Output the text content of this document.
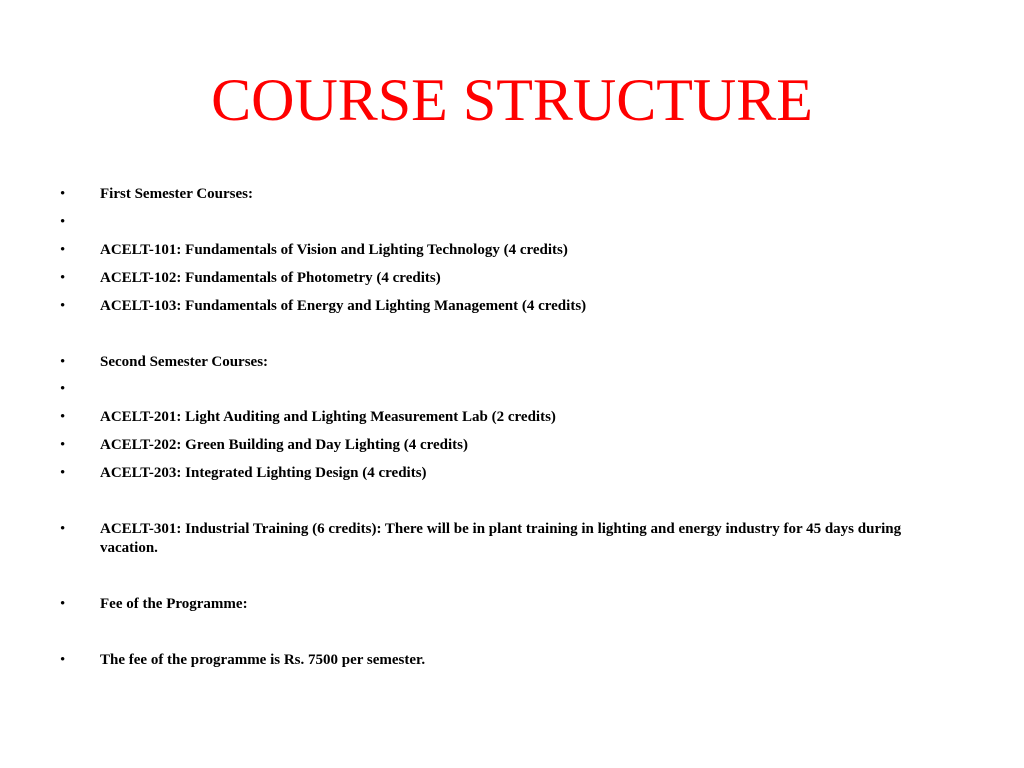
COURSE STRUCTURE
•	First Semester Courses:
•
•	ACELT-101: Fundamentals of Vision and Lighting Technology (4 credits)
•	ACELT-102: Fundamentals of Photometry (4 credits)
•	ACELT-103: Fundamentals of Energy and Lighting Management (4 credits)
•	Second Semester Courses:
•
•	ACELT-201: Light Auditing and Lighting Measurement Lab (2 credits)
•	ACELT-202: Green Building and Day Lighting (4 credits)
•	ACELT-203: Integrated Lighting Design (4 credits)
•	ACELT-301: Industrial Training (6 credits): There will be in plant training in lighting and energy industry for 45 days during vacation.
•	Fee of the Programme:
•	The fee of the programme is Rs. 7500 per semester.
